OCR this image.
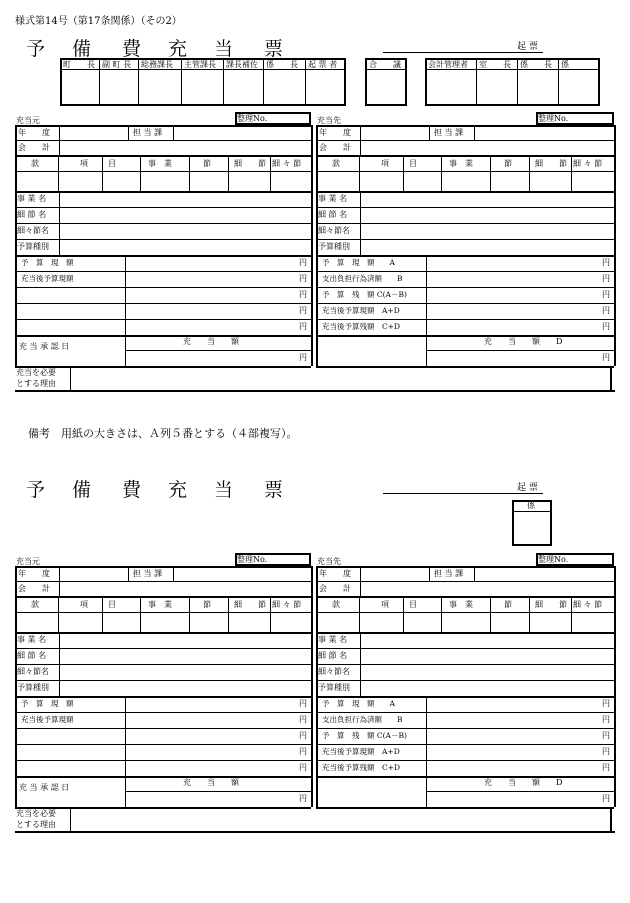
様式第14号（第17条関係）（その2）
予 備 費 充 当 票	起 票
町　　長 副 町 長 総務課長 主管課長 課長補佐 係　　長 起 票 者	合　　議	会計管理者 室　　長 係　　長 係
充当元	整理No.
年　　度	担 当 課
会　　計
款	項	目	事　業	節	細　　節 細 々 節
事 業 名
細 節 名
細々節名
予算種別
予　算　現　額	円
充当後予算現額	円
円
円
円
充 当 承 認 日
充　　当　　額
円
充当を必要
とする理由
充当先	整理No.
年　　度	担 当 課
会　　計
款	項	目	事　業	節	細　　節 細 々 節
事 業 名
細 節 名
細々節名
予算種別
予　算　現　額　　A	円
支出負担行為済額　　B	円
予　算　残　額 C(A－B)	円
充当後予算現額　A+D	円
充当後予算残額　C+D	円
充　　当　　額　　D
円
予 備 費 充 当 票	起 票
係
充当元	整理No.
年　　度	担 当 課
会　　計
款	項	目	事　業	節	細　　節 細 々 節
事 業 名
細 節 名
細々節名
予算種別
予　算　現　額	円
充当後予算現額	円
円
円
円
充 当 承 認 日
充　　当　　額
円
充当を必要
とする理由
充当先	整理No.
年　　度	担 当 課
会　　計
款	項	目	事　業	節	細　　節 細 々 節
事 業 名
細 節 名
細々節名
予算種別
予　算　現　額　　A	円
支出負担行為済額　　B	円
予　算　残　額 C(A－B)	円
充当後予算現額　A+D	円
充当後予算残額　C+D	円
充　　当　　額　　D
円
備考　用紙の大きさは、Ａ列５番とする（４部複写）。
